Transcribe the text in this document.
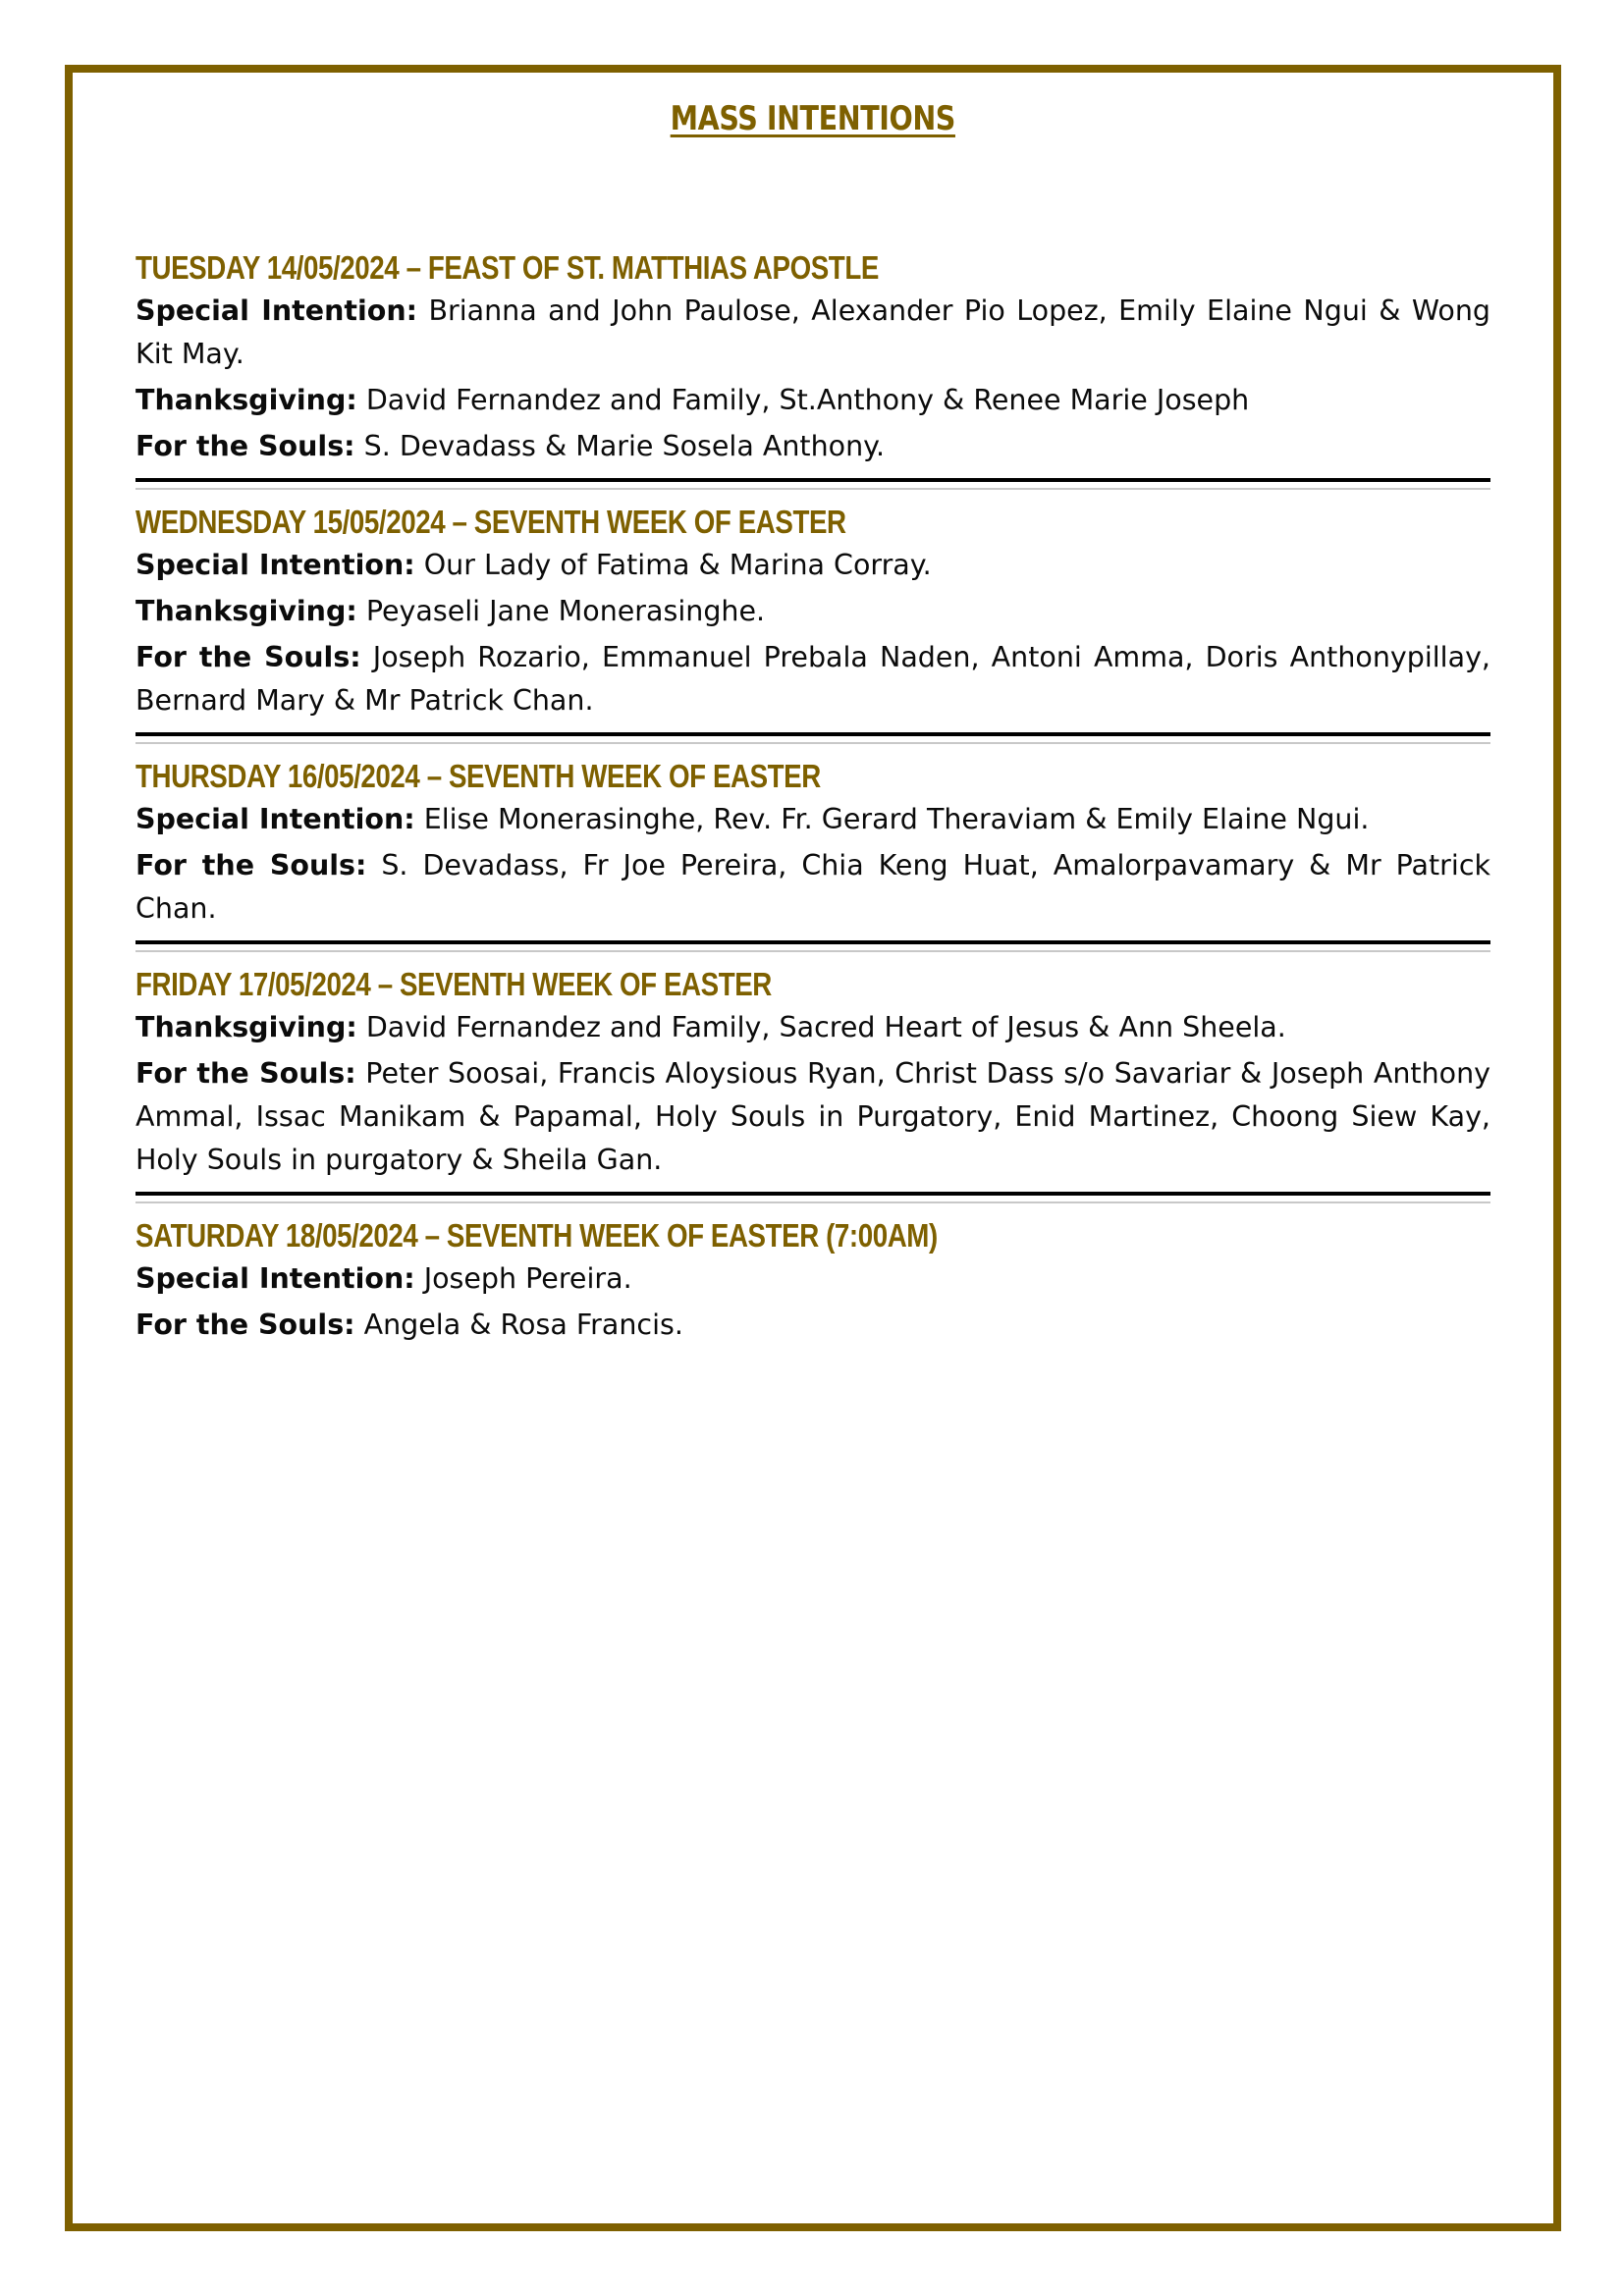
MASS INTENTIONS
TUESDAY 14/05/2024 – FEAST OF ST. MATTHIAS APOSTLE

Special Intention: Brianna and John Paulose, Alexander Pio Lopez, Emily Elaine Ngui & Wong Kit May.

Thanksgiving: David Fernandez and Family, St.Anthony & Renee Marie Joseph

For the Souls: S. Devadass & Marie Sosela Anthony.

WEDNESDAY 15/05/2024 – SEVENTH WEEK OF EASTER

Special Intention: Our Lady of Fatima & Marina Corray.

Thanksgiving: Peyaseli Jane Monerasinghe.

For the Souls: Joseph Rozario, Emmanuel Prebala Naden, Antoni Amma, Doris Anthonypillay, Bernard Mary & Mr Patrick Chan.

THURSDAY 16/05/2024 – SEVENTH WEEK OF EASTER

Special Intention: Elise Monerasinghe, Rev. Fr. Gerard Theraviam & Emily Elaine Ngui.

For the Souls: S. Devadass, Fr Joe Pereira, Chia Keng Huat, Amalorpavamary & Mr Patrick Chan.

FRIDAY 17/05/2024 – SEVENTH WEEK OF EASTER

Thanksgiving: David Fernandez and Family, Sacred Heart of Jesus & Ann Sheela.

For the Souls: Peter Soosai, Francis Aloysious Ryan, Christ Dass s/o Savariar & Joseph Anthony Ammal, Issac Manikam & Papamal, Holy Souls in Purgatory, Enid Martinez, Choong Siew Kay, Holy Souls in purgatory & Sheila Gan.

SATURDAY 18/05/2024 – SEVENTH WEEK OF EASTER (7:00AM)

Special Intention: Joseph Pereira.

For the Souls: Angela & Rosa Francis.
